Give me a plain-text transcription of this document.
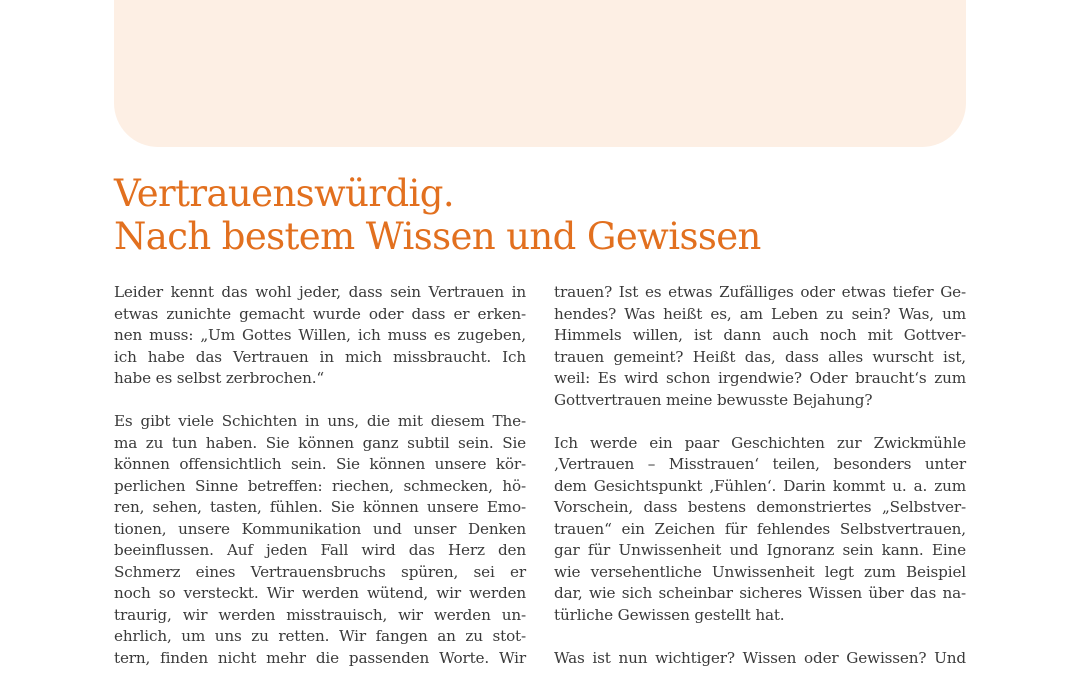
Vertrauenswürdig.
Nach bestem Wissen und Gewissen
Leider kennt das wohl jeder, dass sein Vertrauen in
etwas zunichte gemacht wurde oder dass er erken-
nen muss: „Um Gottes Willen, ich muss es zugeben,
ich habe das Vertrauen in mich missbraucht. Ich
habe es selbst zerbrochen.“
Es gibt viele Schichten in uns, die mit diesem The-
ma zu tun haben. Sie können ganz subtil sein. Sie
können offensichtlich sein. Sie können unsere kör-
perlichen Sinne betreffen: riechen, schmecken, hö-
ren, sehen, tasten, fühlen. Sie können unsere Emo-
tionen, unsere Kommunikation und unser Denken
beeinflussen. Auf jeden Fall wird das Herz den
Schmerz eines Vertrauensbruchs spüren, sei er
noch so versteckt. Wir werden wütend, wir werden
traurig, wir werden misstrauisch, wir werden un-
ehrlich, um uns zu retten. Wir fangen an zu stot-
tern, finden nicht mehr die passenden Worte. Wir
trauen? Ist es etwas Zufälliges oder etwas tiefer Ge-
hendes? Was heißt es, am Leben zu sein? Was, um
Himmels willen, ist dann auch noch mit Gottver-
trauen gemeint? Heißt das, dass alles wurscht ist,
weil: Es wird schon irgendwie? Oder braucht‘s zum
Gottvertrauen meine bewusste Bejahung?
Ich werde ein paar Geschichten zur Zwickmühle
‚Vertrauen – Misstrauen‘ teilen, besonders unter
dem Gesichtspunkt ‚Fühlen‘. Darin kommt u. a. zum
Vorschein, dass bestens demonstriertes „Selbstver-
trauen“ ein Zeichen für fehlendes Selbstvertrauen,
gar für Unwissenheit und Ignoranz sein kann. Eine
wie versehentliche Unwissenheit legt zum Beispiel
dar, wie sich scheinbar sicheres Wissen über das na-
türliche Gewissen gestellt hat.
Was ist nun wichtiger? Wissen oder Gewissen? Und
